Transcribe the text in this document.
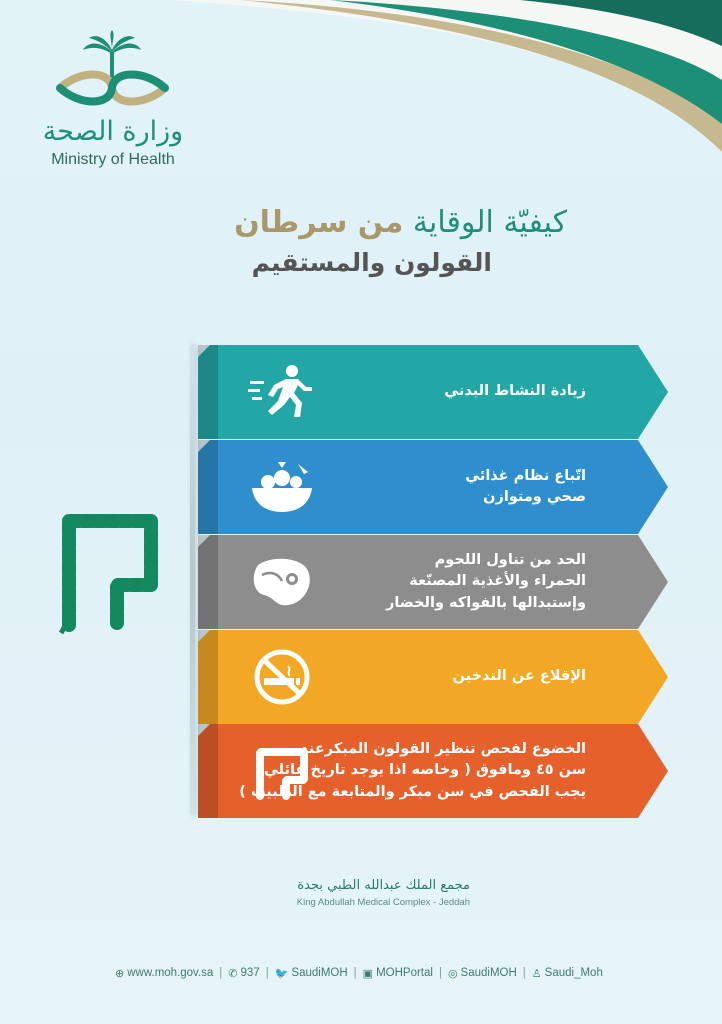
وزارة الصحة
Ministry of Health
كيفيّة الوقاية من سرطان
القولون والمستقيم
زيادة النشاط البدني
اتّباع نظام غذائي
صحي ومتوازن
الحد من تناول اللحوم
الحمراء والأغذية المصنّعة
وإستبدالها بالفواكه والخضار
الإقلاع عن التدخين
الخضوع لفحص تنظير القولون المبكرعند
سن ٤٥ ومافوق ( وخاصه اذا يوجد تاريخ عائلي
يجب الفحص في سن مبكر والمتابعة مع الطبيب )
مجمع الملك عبدالله الطبي بجدة
King Abdullah Medical Complex - Jeddah
⊕ www.moh.gov.sa | ✆ 937 | 🐦 SaudiMOH | ▣ MOHPortal | ◎ SaudiMOH | ♙ Saudi_Moh
